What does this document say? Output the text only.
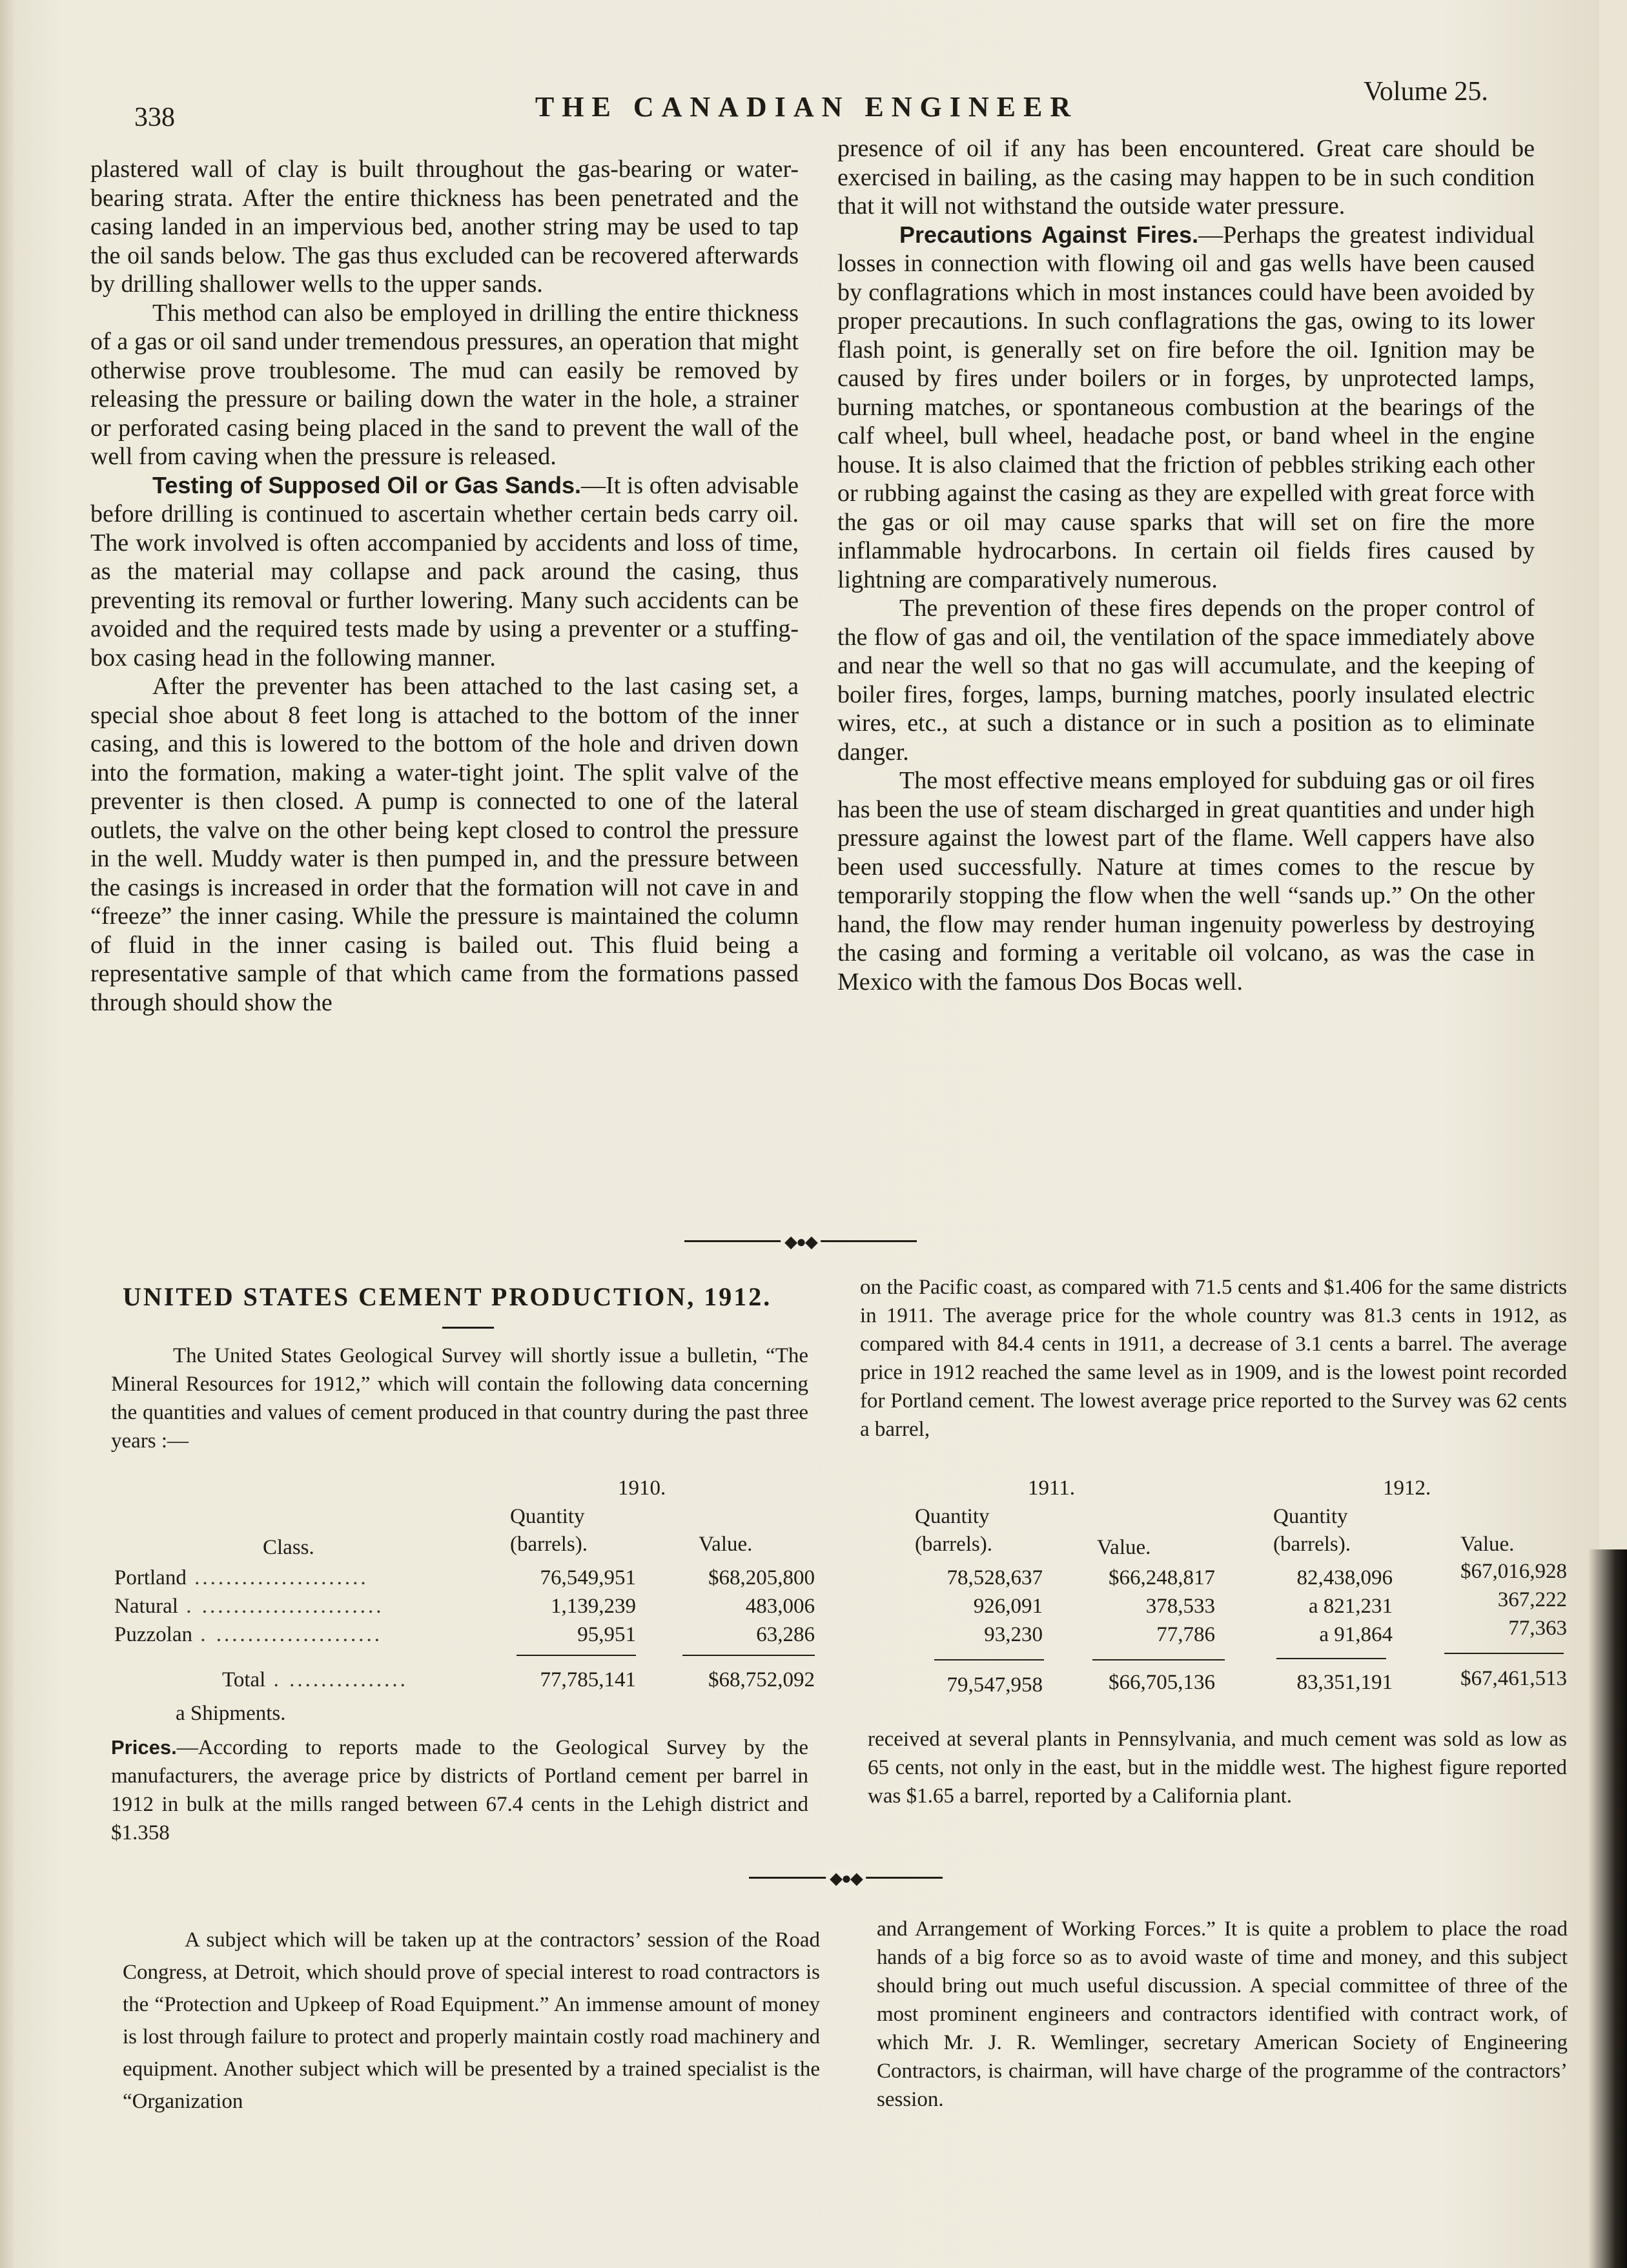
338	THE CANADIAN ENGINEER	Volume 25.

plastered wall of clay is built throughout the gas-bearing or water-bearing strata. After the entire thickness has been penetrated and the casing landed in an impervious bed, another string may be used to tap the oil sands below. The gas thus excluded can be recovered afterwards by drilling shallower wells to the upper sands.

This method can also be employed in drilling the entire thickness of a gas or oil sand under tremendous pressures, an operation that might otherwise prove troublesome. The mud can easily be removed by releasing the pressure or bailing down the water in the hole, a strainer or perforated casing being placed in the sand to prevent the wall of the well from caving when the pressure is released.

Testing of Supposed Oil or Gas Sands.—It is often advisable before drilling is continued to ascertain whether certain beds carry oil. The work involved is often accompanied by accidents and loss of time, as the material may collapse and pack around the casing, thus preventing its removal or further lowering. Many such accidents can be avoided and the required tests made by using a preventer or a stuffing-box casing head in the following manner.

After the preventer has been attached to the last casing set, a special shoe about 8 feet long is attached to the bottom of the inner casing, and this is lowered to the bottom of the hole and driven down into the formation, making a water-tight joint. The split valve of the preventer is then closed. A pump is connected to one of the lateral outlets, the valve on the other being kept closed to control the pressure in the well. Muddy water is then pumped in, and the pressure between the casings is increased in order that the formation will not cave in and “freeze” the inner casing. While the pressure is maintained the column of fluid in the inner casing is bailed out. This fluid being a representative sample of that which came from the formations passed through should show the

presence of oil if any has been encountered. Great care should be exercised in bailing, as the casing may happen to be in such condition that it will not withstand the outside water pressure.

Precautions Against Fires.—Perhaps the greatest individual losses in connection with flowing oil and gas wells have been caused by conflagrations which in most instances could have been avoided by proper precautions. In such conflagrations the gas, owing to its lower flash point, is generally set on fire before the oil. Ignition may be caused by fires under boilers or in forges, by unprotected lamps, burning matches, or spontaneous combustion at the bearings of the calf wheel, bull wheel, headache post, or band wheel in the engine house. It is also claimed that the friction of pebbles striking each other or rubbing against the casing as they are expelled with great force with the gas or oil may cause sparks that will set on fire the more inflammable hydrocarbons. In certain oil fields fires caused by lightning are comparatively numerous.

The prevention of these fires depends on the proper control of the flow of gas and oil, the ventilation of the space immediately above and near the well so that no gas will accumulate, and the keeping of boiler fires, forges, lamps, burning matches, poorly insulated electric wires, etc., at such a distance or in such a position as to eliminate danger.

The most effective means employed for subduing gas or oil fires has been the use of steam discharged in great quantities and under high pressure against the lowest part of the flame. Well cappers have also been used successfully. Nature at times comes to the rescue by temporarily stopping the flow when the well “sands up.” On the other hand, the flow may render human ingenuity powerless by destroying the casing and forming a veritable oil volcano, as was the case in Mexico with the famous Dos Bocas well.

◆●◆
UNITED STATES CEMENT PRODUCTION, 1912.

The United States Geological Survey will shortly issue a bulletin, “The Mineral Resources for 1912,” which will contain the following data concerning the quantities and values of cement produced in that country during the past three years :—

on the Pacific coast, as compared with 71.5 cents and $1.406 for the same districts in 1911. The average price for the whole country was 81.3 cents in 1912, as compared with 84.4 cents in 1911, a decrease of 3.1 cents a barrel. The average price in 1912 reached the same level as in 1909, and is the lowest point recorded for Portland cement. The lowest average price reported to the Survey was 62 cents a barrel,

1910.	1911.	1912.
Class.
Quantity
(barrels).	Value.
Quantity
(barrels).	Value.
Quantity
(barrels).	Value.
Portland ......................	76,549,951	$68,205,800	78,528,637	$66,248,817	82,438,096	$67,016,928
Natural . .......................	1,139,239	483,006	926,091	378,533	a 821,231	367,222
Puzzolan . .....................	95,951	63,286	93,230	77,786	a 91,864	77,363
Total . ...............	77,785,141	$68,752,092	79,547,958	$66,705,136	83,351,191	$67,461,513
a Shipments.

Prices.—According to reports made to the Geological Survey by the manufacturers, the average price by districts of Portland cement per barrel in 1912 in bulk at the mills ranged between 67.4 cents in the Lehigh district and $1.358

received at several plants in Pennsylvania, and much cement was sold as low as 65 cents, not only in the east, but in the middle west. The highest figure reported was $1.65 a barrel, reported by a California plant.

◆●◆

A subject which will be taken up at the contractors’ session of the Road Congress, at Detroit, which should prove of special interest to road contractors is the “Protection and Upkeep of Road Equipment.” An immense amount of money is lost through failure to protect and properly maintain costly road machinery and equipment. Another subject which will be presented by a trained specialist is the “Organization

and Arrangement of Working Forces.” It is quite a problem to place the road hands of a big force so as to avoid waste of time and money, and this subject should bring out much useful discussion. A special committee of three of the most prominent engineers and contractors identified with contract work, of which Mr. J. R. Wemlinger, secretary American Society of Engineering Contractors, is chairman, will have charge of the programme of the contractors’ session.
